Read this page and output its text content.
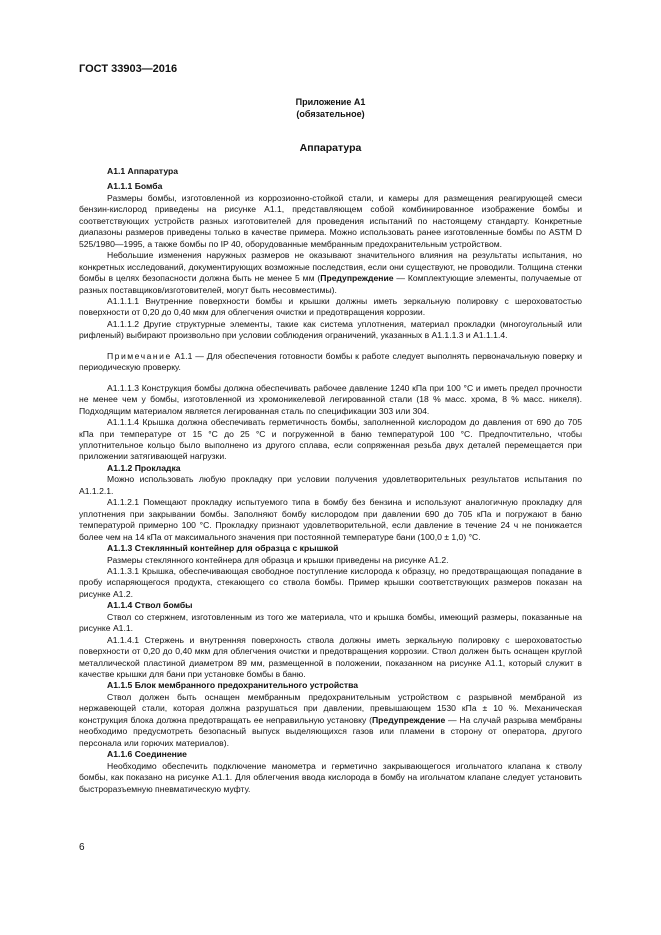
ГОСТ 33903—2016
Приложение А1
(обязательное)
Аппаратура

А1.1 Аппаратура

А1.1.1 Бомба

Размеры бомбы, изготовленной из коррозионно-стойкой стали, и камеры для размещения реагирующей смеси бензин-кислород приведены на рисунке А1.1, представляющем собой комбинированное изображение бомбы и соответствующих устройств разных изготовителей для проведения испытаний по настоящему стандарту. Конкретные диапазоны размеров приведены только в качестве примера. Можно использовать ранее изготовленные бомбы по ASTM D 525/1980—1995, а также бомбы по IP 40, оборудованные мембранным предохранительным устройством.

Небольшие изменения наружных размеров не оказывают значительного влияния на результаты испытания, но конкретных исследований, документирующих возможные последствия, если они существуют, не проводили. Толщина стенки бомбы в целях безопасности должна быть не менее 5 мм (Предупреждение — Комплектующие элементы, получаемые от разных поставщиков/изготовителей, могут быть несовместимы).

А1.1.1.1 Внутренние поверхности бомбы и крышки должны иметь зеркальную полировку с шероховатостью поверхности от 0,20 до 0,40 мкм для облегчения очистки и предотвращения коррозии.

А1.1.1.2 Другие структурные элементы, такие как система уплотнения, материал прокладки (многоугольный или рифленый) выбирают произвольно при условии соблюдения ограничений, указанных в А1.1.1.3 и А1.1.1.4.

Примечание А1.1 — Для обеспечения готовности бомбы к работе следует выполнять первоначальную поверку и периодическую проверку.

А1.1.1.3 Конструкция бомбы должна обеспечивать рабочее давление 1240 кПа при 100 °С и иметь предел прочности не менее чем у бомбы, изготовленной из хромоникелевой легированной стали (18 % масс. хрома, 8 % масс. никеля). Подходящим материалом является легированная сталь по спецификации 303 или 304.

А1.1.1.4 Крышка должна обеспечивать герметичность бомбы, заполненной кислородом до давления от 690 до 705 кПа при температуре от 15 °С до 25 °С и погруженной в баню температурой 100 °С. Предпочтительно, чтобы уплотнительное кольцо было выполнено из другого сплава, если сопряженная резьба двух деталей перемещается при приложении затягивающей нагрузки.

А1.1.2 Прокладка

Можно использовать любую прокладку при условии получения удовлетворительных результатов испытания по А1.1.2.1.

А1.1.2.1 Помещают прокладку испытуемого типа в бомбу без бензина и используют аналогичную прокладку для уплотнения при закрывании бомбы. Заполняют бомбу кислородом при давлении 690 до 705 кПа и погружают в баню температурой примерно 100 °С. Прокладку признают удовлетворительной, если давление в течение 24 ч не понижается более чем на 14 кПа от максимального значения при постоянной температуре бани (100,0 ± 1,0) °С.

А1.1.3 Стеклянный контейнер для образца с крышкой

Размеры стеклянного контейнера для образца и крышки приведены на рисунке А1.2.

А1.1.3.1 Крышка, обеспечивающая свободное поступление кислорода к образцу, но предотвращающая попадание в пробу испаряющегося продукта, стекающего со ствола бомбы. Пример крышки соответствующих размеров показан на рисунке А1.2.

А1.1.4 Ствол бомбы

Ствол со стержнем, изготовленным из того же материала, что и крышка бомбы, имеющий размеры, показанные на рисунке А1.1.

А1.1.4.1 Стержень и внутренняя поверхность ствола должны иметь зеркальную полировку с шероховатостью поверхности от 0,20 до 0,40 мкм для облегчения очистки и предотвращения коррозии. Ствол должен быть оснащен круглой металлической пластиной диаметром 89 мм, размещенной в положении, показанном на рисунке А1.1, который служит в качестве крышки для бани при установке бомбы в баню.

А1.1.5 Блок мембранного предохранительного устройства

Ствол должен быть оснащен мембранным предохранительным устройством с разрывной мембраной из нержавеющей стали, которая должна разрушаться при давлении, превышающем 1530 кПа ± 10 %. Механическая конструкция блока должна предотвращать ее неправильную установку (Предупреждение — На случай разрыва мембраны необходимо предусмотреть безопасный выпуск выделяющихся газов или пламени в сторону от оператора, другого персонала или горючих материалов).

А1.1.6 Соединение

Необходимо обеспечить подключение манометра и герметично закрывающегося игольчатого клапана к стволу бомбы, как показано на рисунке А1.1. Для облегчения ввода кислорода в бомбу на игольчатом клапане следует установить быстроразъемную пневматическую муфту.

6
